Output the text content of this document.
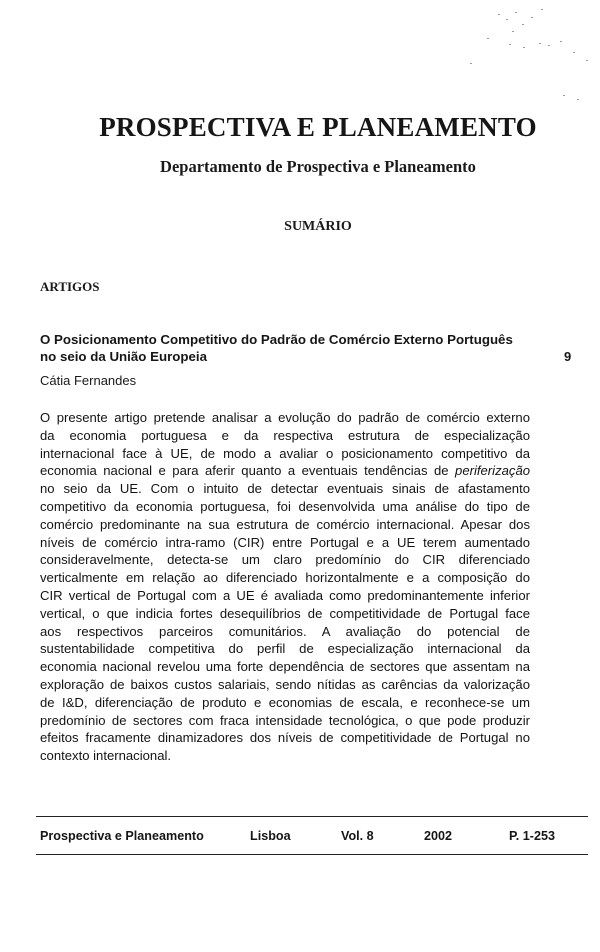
PROSPECTIVA E PLANEAMENTO
Departamento de Prospectiva e Planeamento
SUMÁRIO
ARTIGOS
O Posicionamento Competitivo do Padrão de Comércio Externo Português
no seio da União Europeia	9
Cátia Fernandes
O presente artigo pretende analisar a evolução do padrão de comércio externo
da economia portuguesa e da respectiva estrutura de especialização
internacional face à UE, de modo a avaliar o posicionamento competitivo da
economia nacional e para aferir quanto a eventuais tendências de periferização
no seio da UE. Com o intuito de detectar eventuais sinais de afastamento
competitivo da economia portuguesa, foi desenvolvida uma análise do tipo de
comércio predominante na sua estrutura de comércio internacional. Apesar dos
níveis de comércio intra-ramo (CIR) entre Portugal e a UE terem aumentado
consideravelmente, detecta-se um claro predomínio do CIR diferenciado
verticalmente em relação ao diferenciado horizontalmente e a composição do
CIR vertical de Portugal com a UE é avaliada como predominantemente inferior
vertical, o que indicia fortes desequilíbrios de competitividade de Portugal face
aos respectivos parceiros comunitários. A avaliação do potencial de
sustentabilidade competitiva do perfil de especialização internacional da
economia nacional revelou uma forte dependência de sectores que assentam na
exploração de baixos custos salariais, sendo nítidas as carências da valorização
de I&D, diferenciação de produto e economias de escala, e reconhece-se um
predomínio de sectores com fraca intensidade tecnológica, o que pode produzir
efeitos fracamente dinamizadores dos níveis de competitividade de Portugal no
contexto internacional.
Prospectiva e Planeamento	Lisboa	Vol. 8	2002	P. 1-253
